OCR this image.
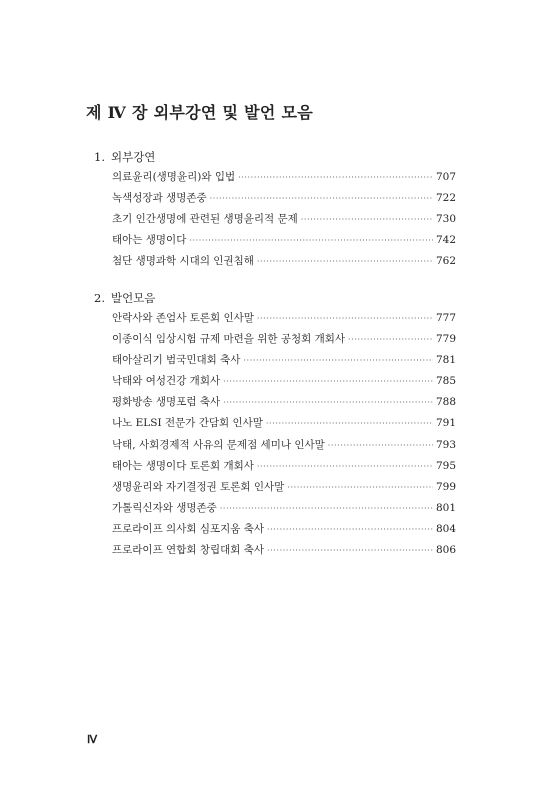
제 Ⅳ 장 외부강연 및 발언 모음
1. 외부강연
의료윤리(생명윤리)와 입법 ·····	707
녹색성장과 생명존중 ·····	722
초기 인간생명에 관련된 생명윤리적 문제 ·····	730
태아는 생명이다 ·····	742
첨단 생명과학 시대의 인권침해 ·····	762
2. 발언모음
안락사와 존엄사 토론회 인사말 ·····	777
이종이식 임상시험 규제 마련을 위한 공청회 개회사 ·····	779
태아살리기 범국민대회 축사 ·····	781
낙태와 여성건강 개회사 ·····	785
평화방송 생명포럼 축사 ·····	788
나노 ELSI 전문가 간담회 인사말 ·····	791
낙태, 사회경제적 사유의 문제점 세미나 인사말 ·····	793
태아는 생명이다 토론회 개회사 ·····	795
생명윤리와 자기결정권 토론회 인사말 ·····	799
가톨릭신자와 생명존중 ·····	801
프로라이프 의사회 심포지움 축사 ·····	804
프로라이프 연합회 창립대회 축사 ·····	806
Ⅳ
